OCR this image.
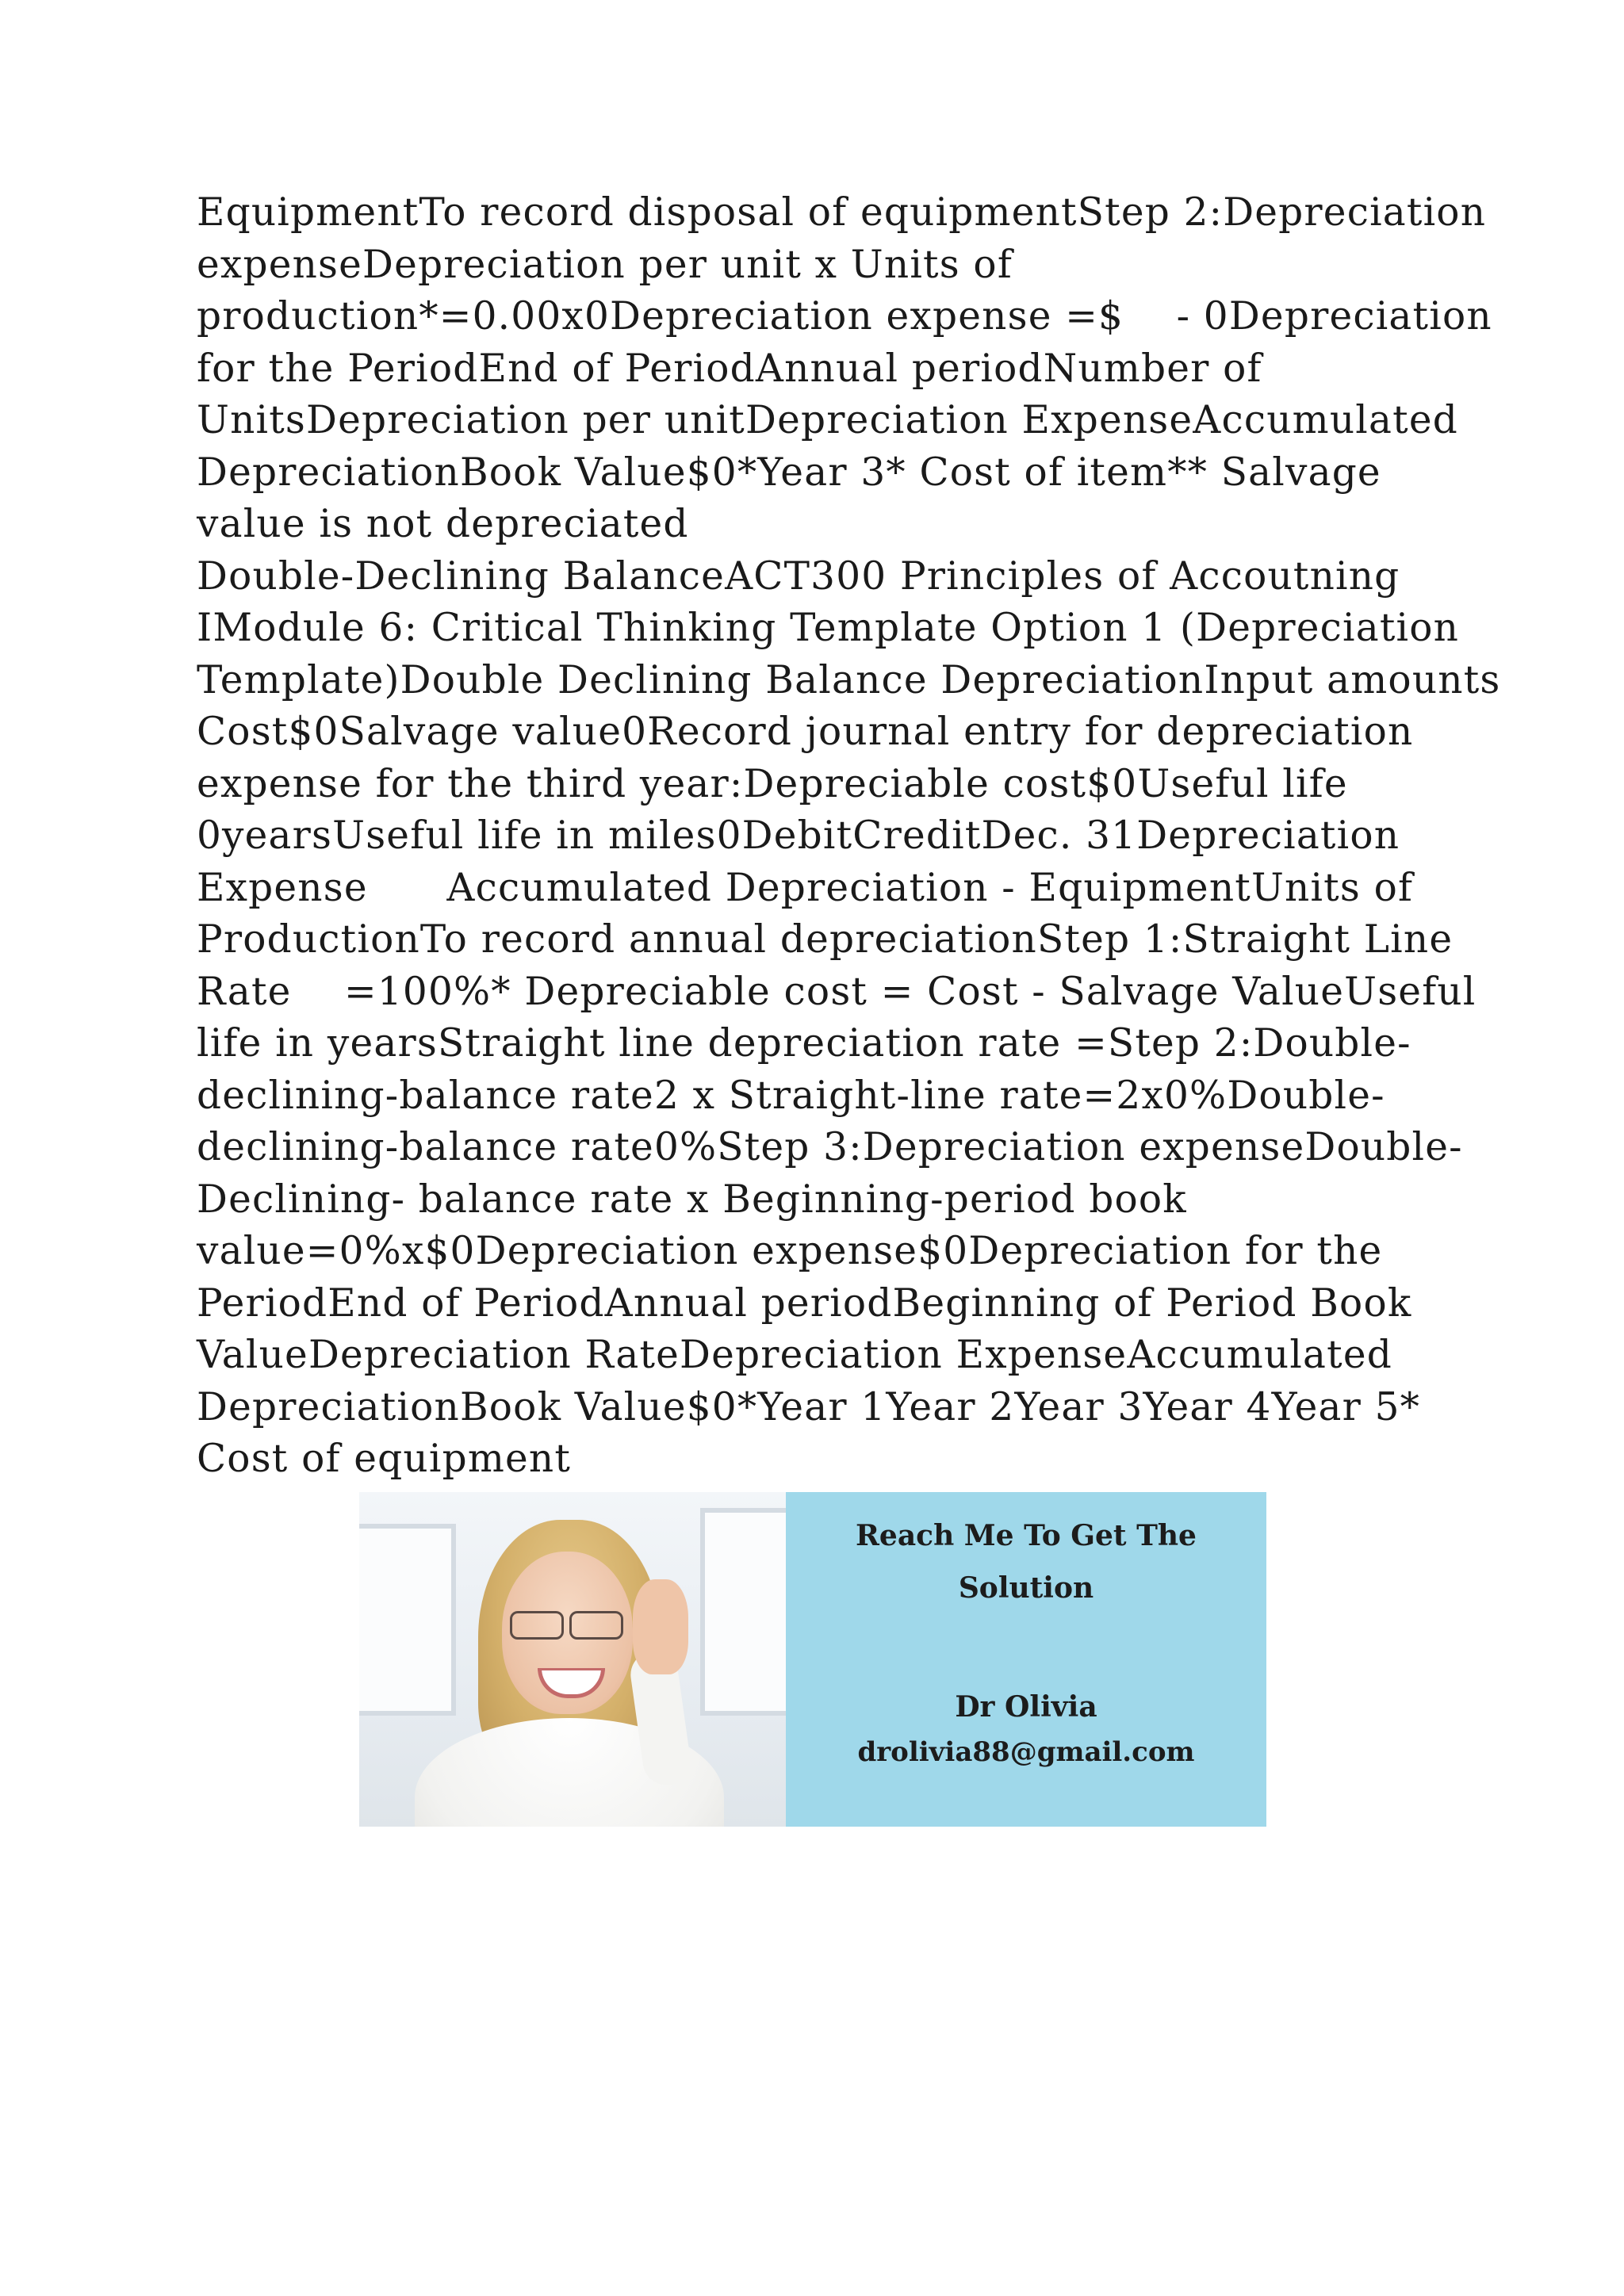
EquipmentTo record disposal of equipmentStep 2:Depreciation
expenseDepreciation per unit x Units of
production*=0.00x0Depreciation expense =$    - 0Depreciation
for the PeriodEnd of PeriodAnnual periodNumber of
UnitsDepreciation per unitDepreciation ExpenseAccumulated
DepreciationBook Value$0*Year 3* Cost of item** Salvage
value is not depreciated
Double-Declining BalanceACT300 Principles of Accoutning
IModule 6: Critical Thinking Template Option 1 (Depreciation
Template)Double Declining Balance DepreciationInput amounts
Cost$0Salvage value0Record journal entry for depreciation
expense for the third year:Depreciable cost$0Useful life
0yearsUseful life in miles0DebitCreditDec. 31Depreciation
Expense      Accumulated Depreciation - EquipmentUnits of
ProductionTo record annual depreciationStep 1:Straight Line
Rate    =100%* Depreciable cost = Cost - Salvage ValueUseful
life in yearsStraight line depreciation rate =Step 2:Double-
declining-balance rate2 x Straight-line rate=2x0%Double-
declining-balance rate0%Step 3:Depreciation expenseDouble-
Declining- balance rate x Beginning-period book
value=0%x$0Depreciation expense$0Depreciation for the
PeriodEnd of PeriodAnnual periodBeginning of Period Book
ValueDepreciation RateDepreciation ExpenseAccumulated
DepreciationBook Value$0*Year 1Year 2Year 3Year 4Year 5*
Cost of equipment
Reach Me To Get The
Solution
Dr Olivia
drolivia88@gmail.com
